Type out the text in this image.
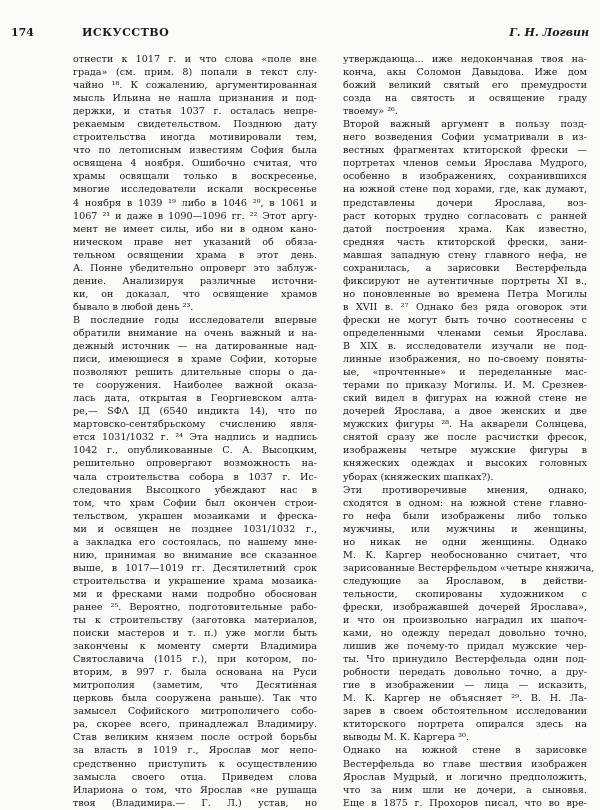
174	ИСКУССТВО	Г. Н. Логвин
отнести к 1017 г. и что слова «поле вне
града» (см. прим. 8) попали в текст слу-
чайно ¹⁸. К сожалению, аргументированная
мысль Ильина не нашла признания и под-
держки, и статья 1037 г. осталась непре-
рекаемым свидетельством. Позднюю дату
строительства иногда мотивировали тем,
что по летописным известиям София была
освящена 4 ноября. Ошибочно считая, что
храмы освящали только в воскресенье,
многие исследователи искали воскресенье
4 ноября в 1039 ¹⁹ либо в 1046 ²⁰, в 1061 и
1067 ²¹ и даже в 1090—1096 гг. ²² Этот аргу-
мент не имеет силы, ибо ни в одном кано-
ническом праве нет указаний об обяза-
тельном освящении храма в этот день.
А. Понне убедительно опроверг это заблуж-
дение. Анализируя различные источни-
ки, он доказал, что освящение храмов
бывало в любой день ²³.
В последние годы исследователи впервые
обратили внимание на очень важный и на-
дежный источник — на датированные над-
писи, имеющиеся в храме Софии, которые
позволяют решить длительные споры о да-
те сооружения. Наиболее важной оказа-
лась дата, открытая в Георгиевском алта-
ре,— ЅФΛ ІД (6540 индикта 14), что по
мартовско-сентябрьскому счислению явля-
ется 1031/1032 г. ²⁴ Эта надпись и надпись
1042 г., опубликованные С. А. Высоцким,
решительно опровергают возможность на-
чала строительства собора в 1037 г. Ис-
следования Высоцкого убеждают нас в
том, что храм Софии был окончен строи-
тельством, украшен мозаиками и фреска-
ми и освящен не позднее 1031/1032 г.,
а закладка его состоялась, по нашему мне-
нию, принимая во внимание все сказанное
выше, в 1017—1019 гг. Десятилетний срок
строительства и украшение храма мозаика-
ми и фресками нами подробно обоснован
ранее ²⁵. Вероятно, подготовительные рабо-
ты к строительству (заготовка материалов,
поиски мастеров и т. п.) уже могли быть
закончены к моменту смерти Владимира
Святославича (1015 г.), при котором, по-
вторим, в 997 г. была основана на Руси
митрополия (заметим, что Десятинная
церковь была сооружена раньше). Так что
замысел Софийского митрополичего собо-
ра, скорее всего, принадлежал Владимиру.
Став великим князем после острой борьбы
за власть в 1019 г., Ярослав мог непо-
средственно приступить к осуществлению
замысла своего отца. Приведем слова
Илариона о том, что Ярослав «не рушаща
твоя (Владимира.— Г. Л.) устав, но
утверждающа... иже недокончаная твоя на-
конча, акы Соломон Давыдова. Иже дом
божий великий святый его премудрости
созда на святость и освящение граду
твоему» ²⁶.
Второй важный аргумент в пользу позд-
него возведения Софии усматривали в из-
вестных фрагментах ктиторской фрески —
портретах членов семьи Ярослава Мудрого,
особенно в изображениях, сохранившихся
на южной стене под хорами, где, как думают,
представлены дочери Ярослава, воз-
раст которых трудно согласовать с ранней
датой построения храма. Как известно,
средняя часть ктиторской фрески, зани-
мавшая западную стену главного нефа, не
сохранилась, а зарисовки Вестерфельда
фиксируют не аутентичные портреты XI в.,
но поновленные во времена Петра Могилы
в XVII в. ²⁷ Однако без ряда оговорок эти
фрески не могут быть точно соотнесены с
определенными членами семьи Ярослава.
В XIX в. исследователи изучали не под-
линные изображения, но по-своему поняты-
ые, «прочтенные» и переделанные мас-
терами по приказу Могилы. И. М. Срезнев-
ский видел в фигурах на южной стене не
дочерей Ярослава, а двое женских и две
мужских фигуры ²⁸. На акварели Солнцева,
снятой сразу же после расчистки фресок,
изображены четыре мужские фигуры в
княжеских одеждах и высоких головных
уборах (княжеских шапках?).
Эти противоречивые мнения, однако,
сходятся в одном: на южной стене главно-
го нефа были изображены либо только
мужчины, или мужчины и женщины,
но никак не одни женщины. Однако
М. К. Каргер необоснованно считает, что
зарисованные Вестерфельдом «четыре княжича,
следующие за Ярославом, в действи-
тельности, скопированы художником с
фрески, изображавшей дочерей Ярослава»,
и что он произвольно наградил их шапоч-
ками, но одежду передал довольно точно,
лишив же почему-то придал мужские чер-
ты. Что принудило Вестерфельда одни под-
робности передать довольно точно, а дру-
гие в изображении — лица — исказить,
М. К. Каргер не объясняет ²⁹. В. Н. Ла-
зарев в своем обстоятельном исследовании
ктиторского портрета опирался здесь на
выводы М. К. Каргера ³⁰.
Однако на южной стене в зарисовке
Вестерфельда во главе шествия изображен
Ярослав Мудрый, и логично предположить,
что за ним шли не дочери, а сыновья.
Еще в 1875 г. Прохоров писал, что во вре-
